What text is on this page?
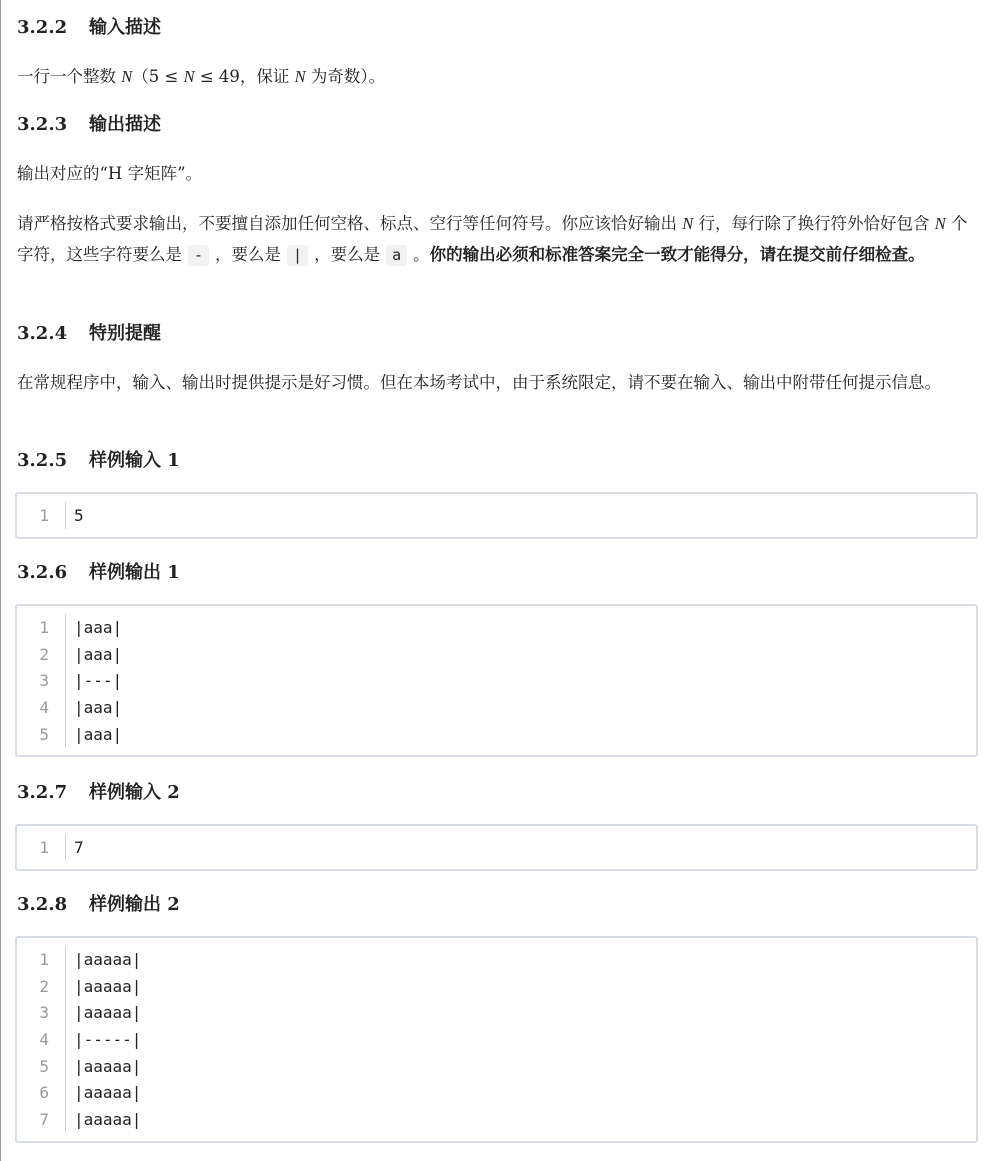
3.2.2 输入描述
一行一个整数 N（5 ≤ N ≤ 49，保证 N 为奇数）。
3.2.3 输出描述
输出对应的“H 字矩阵”。
请严格按格式要求输出，不要擅自添加任何空格、标点、空行等任何符号。你应该恰好输出 N 行，每行除了换行符外恰好包含 N 个字符，这些字符要么是 - ，要么是 | ，要么是 a 。你的输出必须和标准答案完全一致才能得分，请在提交前仔细检查。
3.2.4 特别提醒
在常规程序中，输入、输出时提供提示是好习惯。但在本场考试中，由于系统限定，请不要在输入、输出中附带任何提示信息。
3.2.5 样例输入 1
1	5
3.2.6 样例输出 1
1	|aaa|
2	|aaa|
3	|---|
4	|aaa|
5	|aaa|
3.2.7 样例输入 2
1	7
3.2.8 样例输出 2
1	|aaaaa|
2	|aaaaa|
3	|aaaaa|
4	|-----|
5	|aaaaa|
6	|aaaaa|
7	|aaaaa|
